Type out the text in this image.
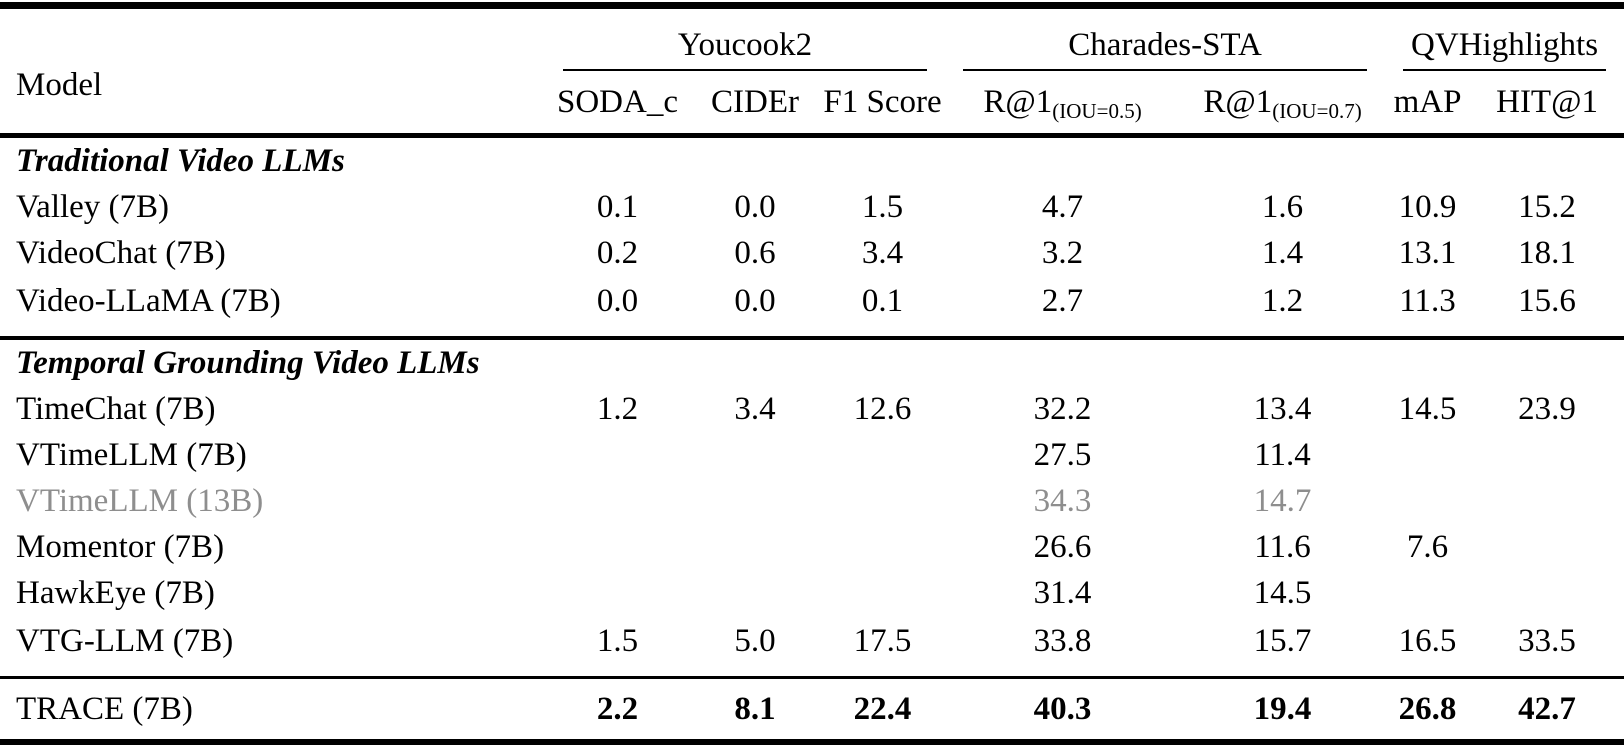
Model	Youcook2			Charades-STA		QVHighlights	

	SODA_c	CIDEr	F1 Score	$R@1_{(IOU=0.5)}$	$R@1_{(IOU=0.7)}$	mAP	HIT@1
Traditional Video LLMs							
Valley (7B)	0.1	0.0	1.5	4.7	1.6	10.9	15.2
VideoChat (7B)	0.2	0.6	3.4	3.2	1.4	13.1	18.1
Video-LLaMA (7B)	0.0	0.0	0.1	2.7	1.2	11.3	15.6
Temporal Grounding Video LLMs							
TimeChat (7B)	1.2	3.4	12.6	32.2	13.4	14.5	23.9
VTimeLLM (7B)				27.5	11.4		
VTimeLLM (13B)				34.3	14.7		
Momentor (7B)				26.6	11.6	7.6	
HawkEye (7B)				31.4	14.5		
VTG-LLM (7B)	1.5	5.0	17.5	33.8	15.7	16.5	33.5
TRACE (7B)	2.2	8.1	22.4	40.3	19.4	26.8	42.7
